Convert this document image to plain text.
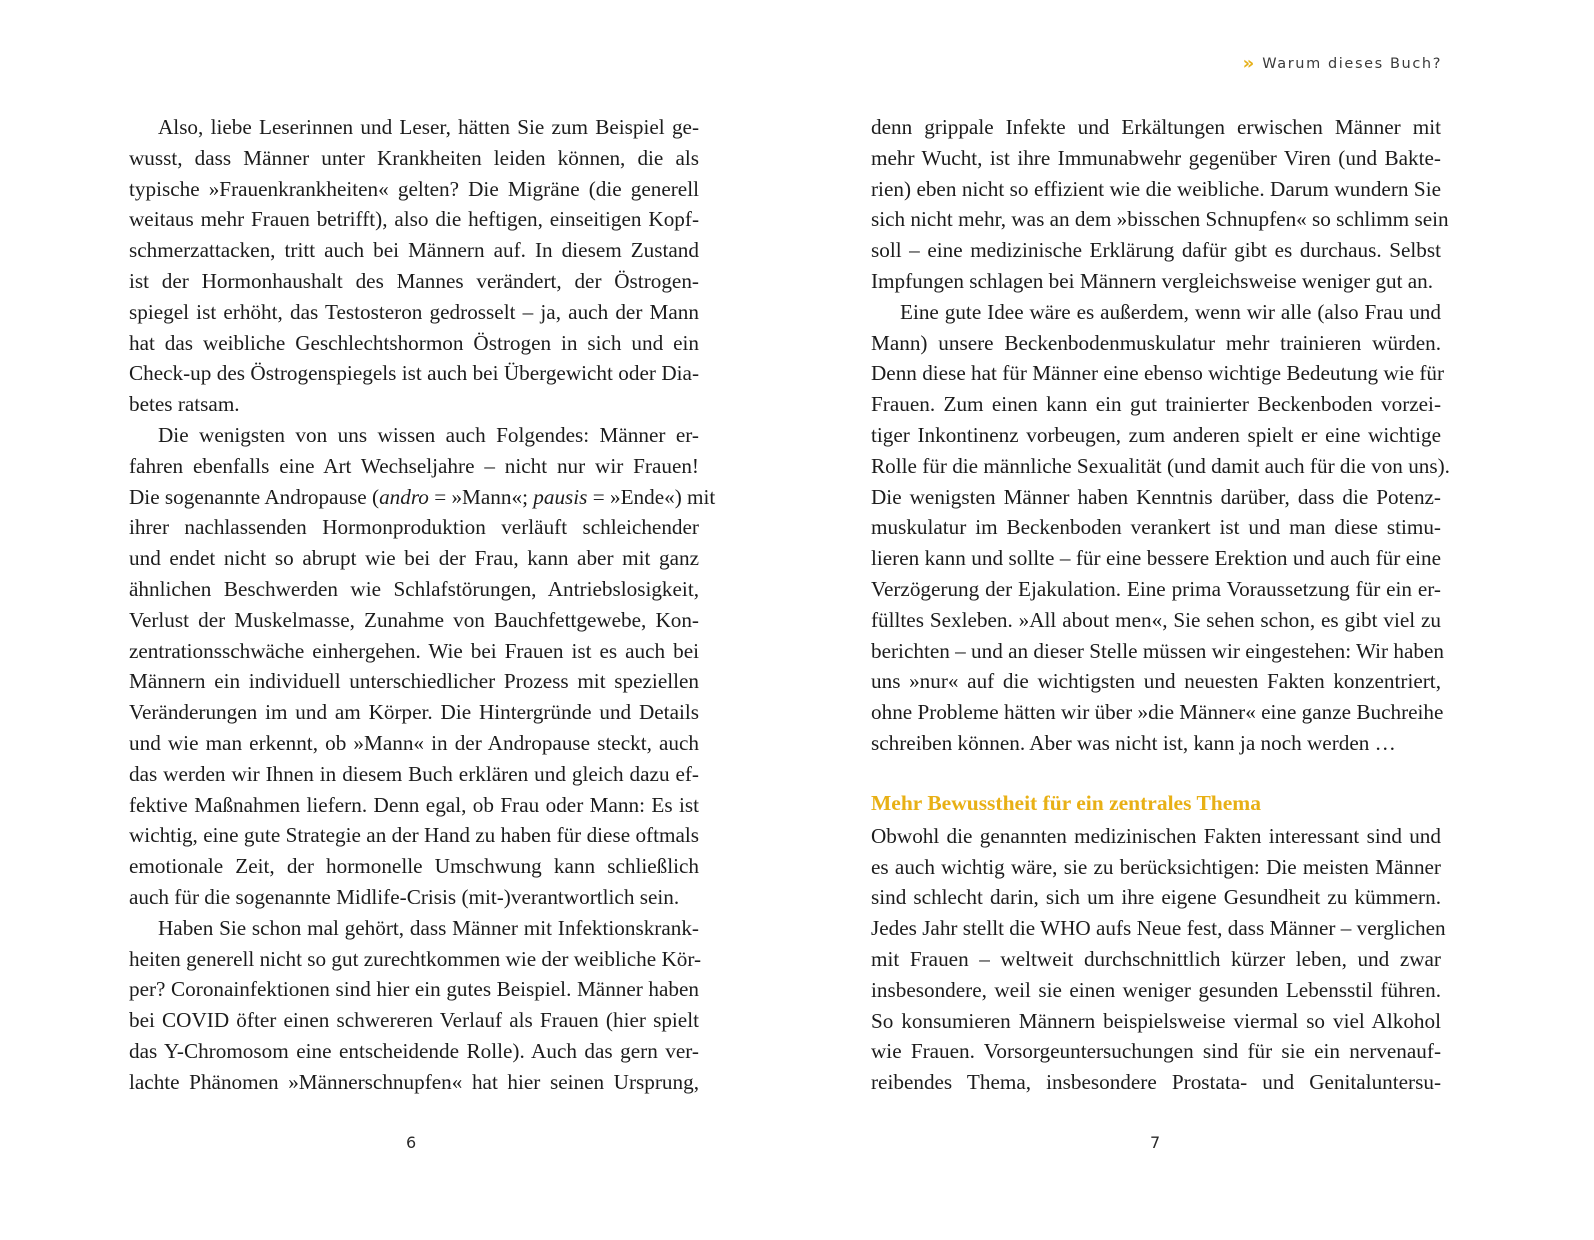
Also, liebe Leserinnen und Leser, hätten Sie zum Beispiel ge-
wusst, dass Männer unter Krankheiten leiden können, die als
typische »Frauenkrankheiten« gelten? Die Migräne (die generell
weitaus mehr Frauen betrifft), also die heftigen, einseitigen Kopf-
schmerzattacken, tritt auch bei Männern auf. In diesem Zustand
ist der Hormonhaushalt des Mannes verändert, der Östrogen-
spiegel ist erhöht, das Testosteron gedrosselt – ja, auch der Mann
hat das weibliche Geschlechtshormon Östrogen in sich und ein
Check-up des Östrogenspiegels ist auch bei Übergewicht oder Dia-
betes ratsam.
Die wenigsten von uns wissen auch Folgendes: Männer er-
fahren ebenfalls eine Art Wechseljahre – nicht nur wir Frauen!
Die sogenannte Andropause (andro = »Mann«; pausis = »Ende«) mit
ihrer nachlassenden Hormonproduktion verläuft schleichender
und endet nicht so abrupt wie bei der Frau, kann aber mit ganz
ähnlichen Beschwerden wie Schlafstörungen, Antriebslosigkeit,
Verlust der Muskelmasse, Zunahme von Bauchfettgewebe, Kon-
zentrationsschwäche einhergehen. Wie bei Frauen ist es auch bei
Männern ein individuell unterschiedlicher Prozess mit speziellen
Veränderungen im und am Körper. Die Hintergründe und Details
und wie man erkennt, ob »Mann« in der Andropause steckt, auch
das werden wir Ihnen in diesem Buch erklären und gleich dazu ef-
fektive Maßnahmen liefern. Denn egal, ob Frau oder Mann: Es ist
wichtig, eine gute Strategie an der Hand zu haben für diese oftmals
emotionale Zeit, der hormonelle Umschwung kann schließlich
auch für die sogenannte Midlife-Crisis (mit-)verantwortlich sein.
Haben Sie schon mal gehört, dass Männer mit Infektionskrank-
heiten generell nicht so gut zurechtkommen wie der weibliche Kör-
per? Coronainfektionen sind hier ein gutes Beispiel. Männer haben
bei COVID öfter einen schwereren Verlauf als Frauen (hier spielt
das Y-Chromosom eine entscheidende Rolle). Auch das gern ver-
lachte Phänomen »Männerschnupfen« hat hier seinen Ursprung,
6
» Warum dieses Buch?
denn grippale Infekte und Erkältungen erwischen Männer mit
mehr Wucht, ist ihre Immunabwehr gegenüber Viren (und Bakte-
rien) eben nicht so effizient wie die weibliche. Darum wundern Sie
sich nicht mehr, was an dem »bisschen Schnupfen« so schlimm sein
soll – eine medizinische Erklärung dafür gibt es durchaus. Selbst
Impfungen schlagen bei Männern vergleichsweise weniger gut an.
Eine gute Idee wäre es außerdem, wenn wir alle (also Frau und
Mann) unsere Beckenbodenmuskulatur mehr trainieren würden.
Denn diese hat für Männer eine ebenso wichtige Bedeutung wie für
Frauen. Zum einen kann ein gut trainierter Beckenboden vorzei-
tiger Inkontinenz vorbeugen, zum anderen spielt er eine wichtige
Rolle für die männliche Sexualität (und damit auch für die von uns).
Die wenigsten Männer haben Kenntnis darüber, dass die Potenz-
muskulatur im Beckenboden verankert ist und man diese stimu-
lieren kann und sollte – für eine bessere Erektion und auch für eine
Verzögerung der Ejakulation. Eine prima Voraussetzung für ein er-
fülltes Sexleben. »All about men«, Sie sehen schon, es gibt viel zu
berichten – und an dieser Stelle müssen wir eingestehen: Wir haben
uns »nur« auf die wichtigsten und neuesten Fakten konzentriert,
ohne Probleme hätten wir über »die Männer« eine ganze Buchreihe
schreiben können. Aber was nicht ist, kann ja noch werden …
Mehr Bewusstheit für ein zentrales Thema
Obwohl die genannten medizinischen Fakten interessant sind und
es auch wichtig wäre, sie zu berücksichtigen: Die meisten Männer
sind schlecht darin, sich um ihre eigene Gesundheit zu kümmern.
Jedes Jahr stellt die WHO aufs Neue fest, dass Männer – verglichen
mit Frauen – weltweit durchschnittlich kürzer leben, und zwar
insbesondere, weil sie einen weniger gesunden Lebensstil führen.
So konsumieren Männern beispielsweise viermal so viel Alkohol
wie Frauen. Vorsorgeuntersuchungen sind für sie ein nervenauf-
reibendes Thema, insbesondere Prostata- und Genitaluntersu-
7
